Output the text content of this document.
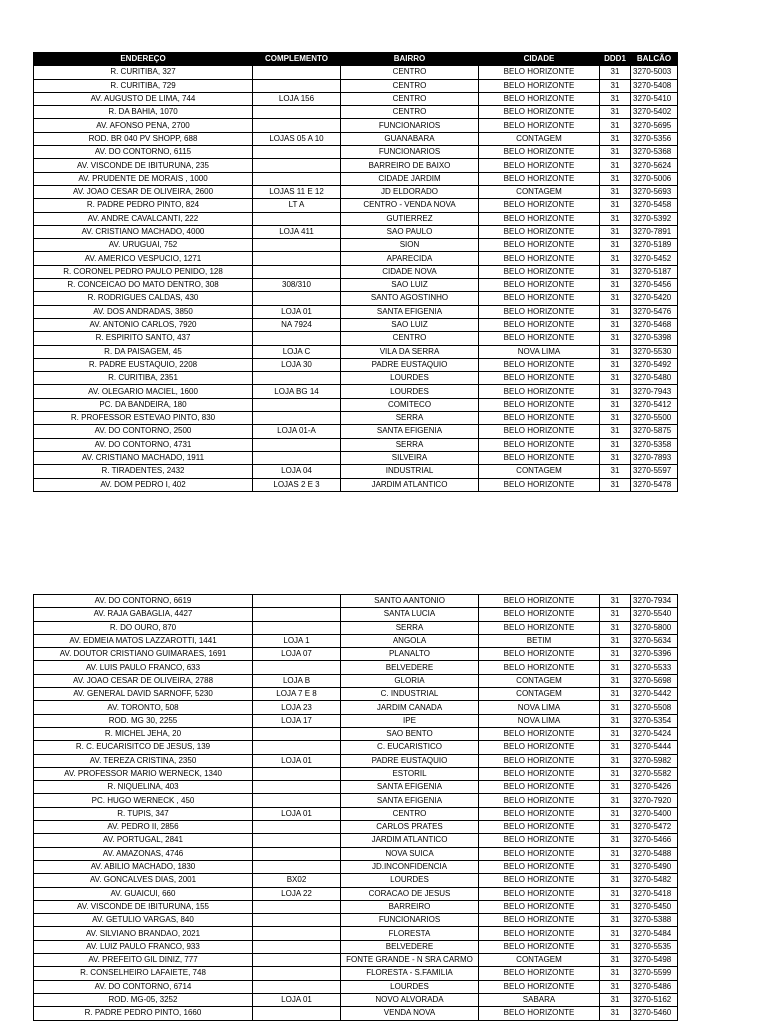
ENDEREÇO	COMPLEMENTO	BAIRRO	CIDADE	DDD1	BALCÃO
R. CURITIBA, 327		CENTRO	BELO HORIZONTE	31	3270-5003
R. CURITIBA, 729		CENTRO	BELO HORIZONTE	31	3270-5408
AV. AUGUSTO DE LIMA, 744	LOJA 156	CENTRO	BELO HORIZONTE	31	3270-5410
R. DA BAHIA, 1070		CENTRO	BELO HORIZONTE	31	3270-5402
AV. AFONSO PENA, 2700		FUNCIONARIOS	BELO HORIZONTE	31	3270-5695
ROD. BR 040 PV SHOPP, 688	LOJAS 05 A 10	GUANABARA	CONTAGEM	31	3270-5356
AV. DO CONTORNO, 6115		FUNCIONARIOS	BELO HORIZONTE	31	3270-5368
AV. VISCONDE DE IBITURUNA, 235		BARREIRO DE BAIXO	BELO HORIZONTE	31	3270-5624
AV. PRUDENTE DE MORAIS , 1000		CIDADE JARDIM	BELO HORIZONTE	31	3270-5006
AV. JOAO CESAR DE OLIVEIRA, 2600	LOJAS 11 E 12	JD ELDORADO	CONTAGEM	31	3270-5693
R. PADRE PEDRO PINTO, 824	LT A	CENTRO - VENDA NOVA	BELO HORIZONTE	31	3270-5458
AV. ANDRE CAVALCANTI, 222		GUTIERREZ	BELO HORIZONTE	31	3270-5392
AV. CRISTIANO MACHADO, 4000	LOJA 411	SAO PAULO	BELO HORIZONTE	31	3270-7891
AV. URUGUAI, 752		SION	BELO HORIZONTE	31	3270-5189
AV. AMERICO VESPUCIO, 1271		APARECIDA	BELO HORIZONTE	31	3270-5452
R. CORONEL PEDRO PAULO PENIDO, 128		CIDADE NOVA	BELO HORIZONTE	31	3270-5187
R. CONCEICAO DO MATO DENTRO, 308	308/310	SAO LUIZ	BELO HORIZONTE	31	3270-5456
R. RODRIGUES CALDAS, 430		SANTO AGOSTINHO	BELO HORIZONTE	31	3270-5420
AV. DOS ANDRADAS, 3850	LOJA 01	SANTA EFIGENIA	BELO HORIZONTE	31	3270-5476
AV. ANTONIO CARLOS, 7920	NA 7924	SAO LUIZ	BELO HORIZONTE	31	3270-5468
R. ESPIRITO SANTO, 437		CENTRO	BELO HORIZONTE	31	3270-5398
R. DA PAISAGEM, 45	LOJA C	VILA DA SERRA	NOVA LIMA	31	3270-5530
R. PADRE EUSTAQUIO, 2208	LOJA 30	PADRE EUSTAQUIO	BELO HORIZONTE	31	3270-5492
R. CURITIBA, 2351		LOURDES	BELO HORIZONTE	31	3270-5480
AV. OLEGARIO MACIEL, 1600	LOJA BG 14	LOURDES	BELO HORIZONTE	31	3270-7943
PC. DA BANDEIRA, 180		COMITECO	BELO HORIZONTE	31	3270-5412
R. PROFESSOR ESTEVAO PINTO, 830		SERRA	BELO HORIZONTE	31	3270-5500
AV. DO CONTORNO, 2500	LOJA 01-A	SANTA EFIGENIA	BELO HORIZONTE	31	3270-5875
AV. DO CONTORNO, 4731		SERRA	BELO HORIZONTE	31	3270-5358
AV. CRISTIANO MACHADO, 1911		SILVEIRA	BELO HORIZONTE	31	3270-7893
R. TIRADENTES, 2432	LOJA 04	INDUSTRIAL	CONTAGEM	31	3270-5597
AV. DOM PEDRO I, 402	LOJAS 2 E 3	JARDIM ATLANTICO	BELO HORIZONTE	31	3270-5478
AV. DO CONTORNO, 6619		SANTO AANTONIO	BELO HORIZONTE	31	3270-7934
AV. RAJA GABAGLIA, 4427		SANTA LUCIA	BELO HORIZONTE	31	3270-5540
R. DO OURO, 870		SERRA	BELO HORIZONTE	31	3270-5800
AV. EDMEIA MATOS LAZZAROTTI, 1441	LOJA 1	ANGOLA	BETIM	31	3270-5634
AV. DOUTOR CRISTIANO GUIMARAES, 1691	LOJA 07	PLANALTO	BELO HORIZONTE	31	3270-5396
AV. LUIS PAULO FRANCO, 633		BELVEDERE	BELO HORIZONTE	31	3270-5533
AV. JOAO CESAR DE OLIVEIRA, 2788	LOJA B	GLORIA	CONTAGEM	31	3270-5698
AV. GENERAL DAVID SARNOFF, 5230	LOJA 7 E 8	C. INDUSTRIAL	CONTAGEM	31	3270-5442
AV. TORONTO, 508	LOJA 23	JARDIM CANADA	NOVA LIMA	31	3270-5508
ROD. MG 30, 2255	LOJA 17	IPE	NOVA LIMA	31	3270-5354
R. MICHEL JEHA, 20		SAO BENTO	BELO HORIZONTE	31	3270-5424
R. C. EUCARISITCO DE JESUS, 139		C. EUCARISTICO	BELO HORIZONTE	31	3270-5444
AV. TEREZA CRISTINA, 2350	LOJA 01	PADRE EUSTAQUIO	BELO HORIZONTE	31	3270-5982
AV. PROFESSOR MARIO WERNECK, 1340		ESTORIL	BELO HORIZONTE	31	3270-5582
R. NIQUELINA, 403		SANTA EFIGENIA	BELO HORIZONTE	31	3270-5426
PC. HUGO WERNECK , 450		SANTA EFIGENIA	BELO HORIZONTE	31	3270-7920
R. TUPIS, 347	LOJA 01	CENTRO	BELO HORIZONTE	31	3270-5400
AV. PEDRO II, 2856		CARLOS PRATES	BELO HORIZONTE	31	3270-5472
AV. PORTUGAL, 2841		JARDIM ATLANTICO	BELO HORIZONTE	31	3270-5466
AV. AMAZONAS, 4746		NOVA SUICA	BELO HORIZONTE	31	3270-5488
AV. ABILIO MACHADO, 1830		JD.INCONFIDENCIA	BELO HORIZONTE	31	3270-5490
AV. GONCALVES DIAS, 2001	BX02	LOURDES	BELO HORIZONTE	31	3270-5482
AV. GUAICUI, 660	LOJA 22	CORACAO DE JESUS	BELO HORIZONTE	31	3270-5418
AV. VISCONDE DE IBITURUNA, 155		BARREIRO	BELO HORIZONTE	31	3270-5450
AV. GETULIO VARGAS, 840		FUNCIONARIOS	BELO HORIZONTE	31	3270-5388
AV. SILVIANO BRANDAO, 2021		FLORESTA	BELO HORIZONTE	31	3270-5484
AV. LUIZ PAULO FRANCO, 933		BELVEDERE	BELO HORIZONTE	31	3270-5535
AV. PREFEITO GIL DINIZ, 777		FONTE GRANDE - N SRA CARMO	CONTAGEM	31	3270-5498
R. CONSELHEIRO LAFAIETE, 748		FLORESTA - S.FAMILIA	BELO HORIZONTE	31	3270-5599
AV. DO CONTORNO, 6714		LOURDES	BELO HORIZONTE	31	3270-5486
ROD. MG-05, 3252	LOJA 01	NOVO ALVORADA	SABARA	31	3270-5162
R. PADRE PEDRO PINTO, 1660		VENDA NOVA	BELO HORIZONTE	31	3270-5460
